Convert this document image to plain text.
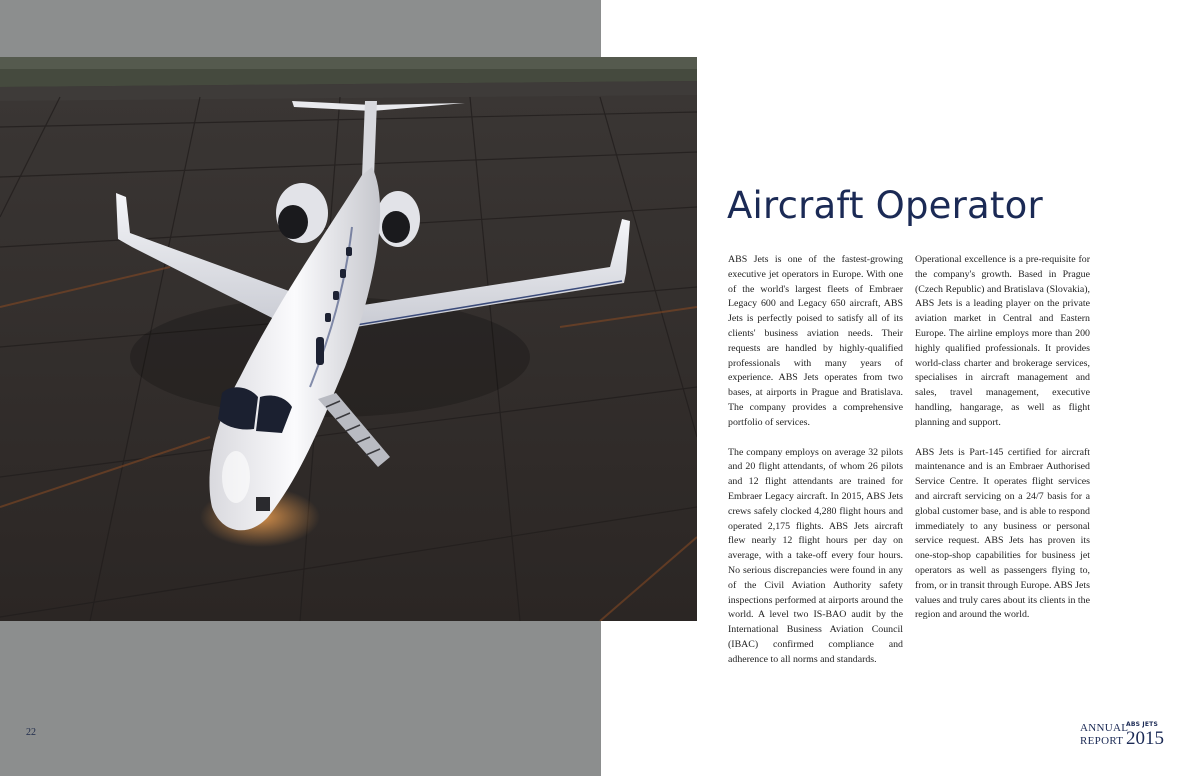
22
Aircraft Operator

ABS Jets is one of the fastest-growing executive jet operators in Europe. With one of the world's largest fleets of Embraer Legacy 600 and Legacy 650 aircraft, ABS Jets is perfectly poised to satisfy all of its clients' business aviation needs. Their requests are handled by highly-qualified professionals with many years of experience. ABS Jets operates from two bases, at airports in Prague and Bratislava. The company provides a comprehensive portfolio of services.

The company employs on average 32 pilots and 20 flight attendants, of whom 26 pilots and 12 flight attendants are trained for Embraer Legacy aircraft. In 2015, ABS Jets crews safely clocked 4,280 flight hours and operated 2,175 flights. ABS Jets aircraft flew nearly 12 flight hours per day on average, with a take-off every four hours. No serious discrepancies were found in any of the Civil Aviation Authority safety inspections performed at airports around the world. A level two IS-BAO audit by the International Business Aviation Council (IBAC) confirmed compliance and adherence to all norms and standards.

Operational excellence is a pre-requisite for the company's growth. Based in Prague (Czech Republic) and Bratislava (Slovakia), ABS Jets is a leading player on the private aviation market in Central and Eastern Europe. The airline employs more than 200 highly qualified professionals. It provides world-class charter and brokerage services, specialises in aircraft management and sales, travel management, executive handling, hangarage, as well as flight planning and support.

ABS Jets is Part-145 certified for aircraft maintenance and is an Embraer Authorised Service Centre. It operates flight services and aircraft servicing on a 24/7 basis for a global customer base, and is able to respond immediately to any business or personal service request. ABS Jets has proven its one-stop-shop capabilities for business jet operators as well as passengers flying to, from, or in transit through Europe. ABS Jets values and truly cares about its clients in the region and around the world.

ANNUAL
REPORT
ABS JETS
2015
